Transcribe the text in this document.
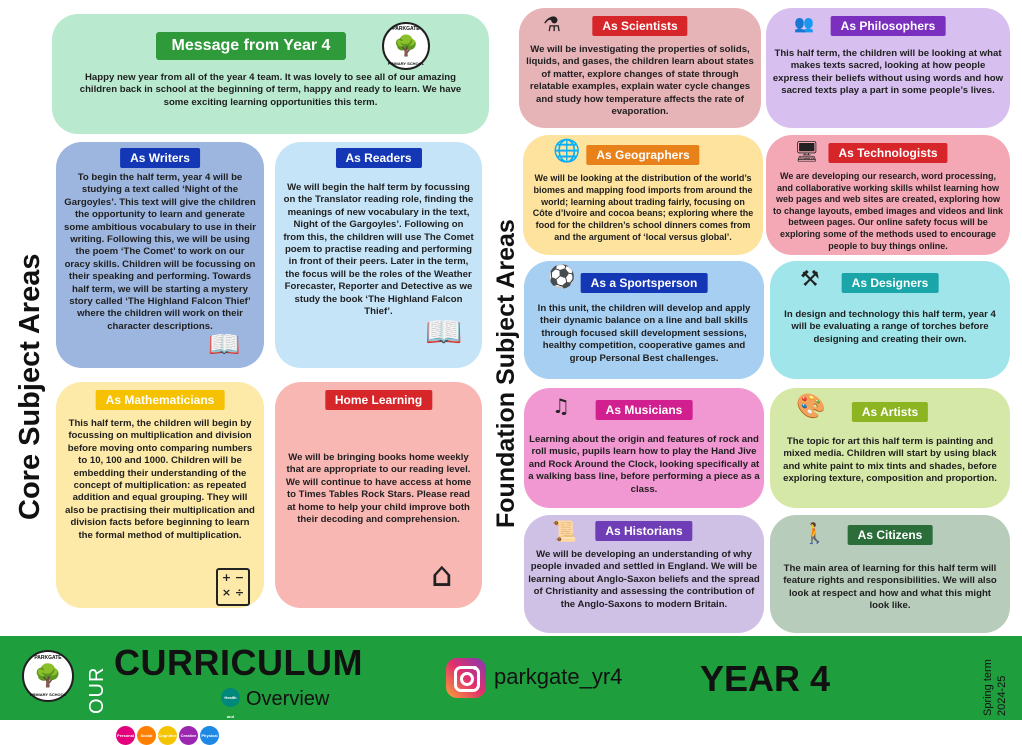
Message from Year 4	🌳
PARKGATE
PRIMARY SCHOOL
Happy new year from all of the year 4 team. It was lovely to see all of our amazing children back in school at the beginning of term, happy and ready to learn. We have some exciting learning opportunities this term.
Core Subject Areas	Foundation Subject Areas
As Writers
To begin the half term, year 4 will be studying a text called ‘Night of the Gargoyles’. This text will give the children the opportunity to learn and generate some ambitious vocabulary to use in their writing. Following this, we will be using the poem ‘The Comet’ to work on our oracy skills. Children will be focussing on their speaking and performing. Towards half term, we will be starting a mystery story called ‘The Highland Falcon Thief’ where the children will work on their character descriptions.
📖
As Readers
We will begin the half term by focussing on the Translator reading role, finding the meanings of new vocabulary in the text, Night of the Gargoyles’. Following on from this, the children will use The Comet poem to practise reading and performing in front of their peers. Later in the term, the focus will be the roles of the Weather Forecaster, Reporter and Detective as we study the book ‘The Highland Falcon Thief’.
📖
As Mathematicians
This half term, the children will begin by focussing on multiplication and division before moving onto comparing numbers to 10, 100 and 1000. Children will be embedding their understanding of the concept of multiplication: as repeated addition and equal grouping. They will also be practising their multiplication and division facts before beginning to learn the formal method of multiplication.
+ −
× ÷
Home Learning
We will be bringing books home weekly that are appropriate to our reading level. We will continue to have access at home to Times Tables Rock Stars. Please read at home to help your child improve both their decoding and comprehension.
⌂
As Scientists
⚗
We will be investigating the properties of solids, liquids, and gases, the children learn about states of matter, explore changes of state through relatable examples, explain water cycle changes and study how temperature affects the rate of evaporation.
As Philosophers
👥
This half term, the children will be looking at what makes texts sacred, looking at how people express their beliefs without using words and how sacred texts play a part in some people’s lives.
As Geographers
🌐
We will be looking at the distribution of the world’s biomes and mapping food imports from around the world; learning about trading fairly, focusing on Côte d’Ivoire and cocoa beans; exploring where the food for the children’s school dinners comes from and the argument of ‘local versus global’.
As Technologists
🖥
We are developing our research, word processing, and collaborative working skills whilst learning how web pages and web sites are created, exploring how to change layouts, embed images and videos and link between pages. Our online safety focus will be exploring some of the methods used to encourage people to buy things online.
As a Sportsperson
⚽
In this unit, the children will develop and apply their dynamic balance on a line and ball skills through focused skill development sessions, healthy competition, cooperative games and group Personal Best challenges.
As Designers
⚒
In design and technology this half term, year 4 will be evaluating a range of torches before designing and creating their own.
As Musicians
♫
Learning about the origin and features of rock and roll music, pupils learn how to play the Hand Jive and Rock Around the Clock, looking specifically at a walking bass line, before performing a piece as a class.
As Artists
🎨
The topic for art this half term is painting and mixed media. Children will start by using black and white paint to mix tints and shades, before exploring texture, composition and proportion.
As Historians
📜
We will be developing an understanding of why people invaded and settled in England. We will be learning about Anglo-Saxon beliefs and the spread of Christianity and assessing the contribution of the Anglo-Saxons to modern Britain.
As Citizens
🚶
The main area of learning for this half term will feature rights and responsibilities. We will also look at respect and how and what this might look like.
🌳
PARKGATE
PRIMARY SCHOOL OUR
CURRICULUM
Personal Social Cognitive Creative PhysicalHealth and Fitness
Overview
parkgate_yr4 YEAR 4	Spring term 2024-25
